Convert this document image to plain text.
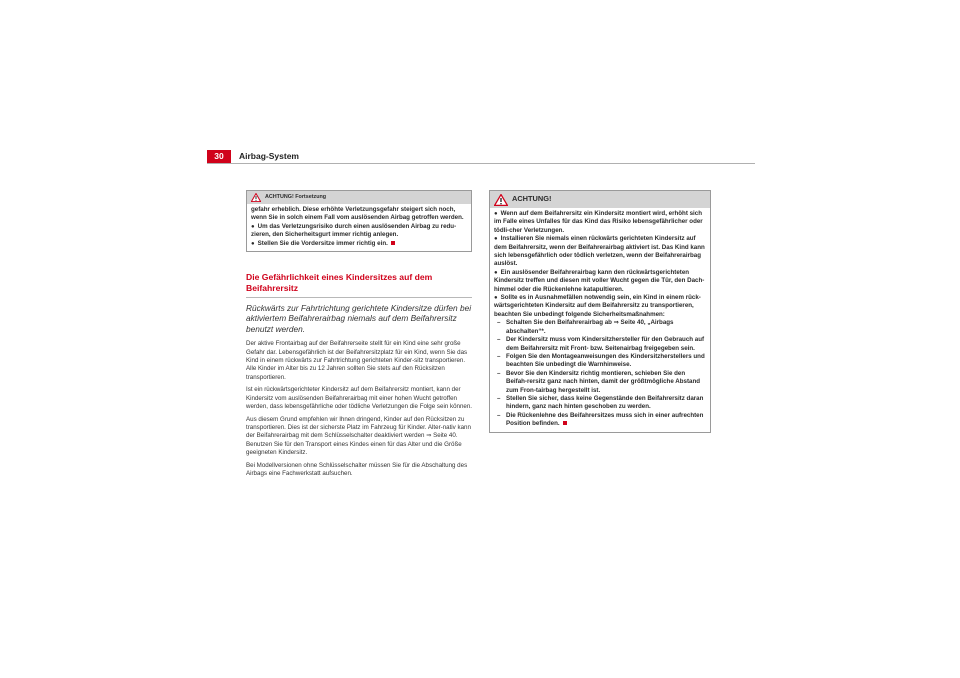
30	Airbag-System
ACHTUNG! Fortsetzung

gefahr erheblich. Diese erhöhte Verletzungsgefahr steigert sich noch, wenn Sie in solch einem Fall vom auslösenden Airbag getroffen werden.

● Um das Verletzungsrisiko durch einen auslösenden Airbag zu redu-zieren, den Sicherheitsgurt immer richtig anlegen.

● Stellen Sie die Vordersitze immer richtig ein.

Die Gefährlichkeit eines Kindersitzes auf dem Beifahrersitz
Rückwärts zur Fahrtrichtung gerichtete Kindersitze dürfen bei aktiviertem Beifahrerairbag niemals auf dem Beifahrersitz benutzt werden.

Der aktive Frontairbag auf der Beifahrerseite stellt für ein Kind eine sehr große Gefahr dar. Lebensgefährlich ist der Beifahrersitzplatz für ein Kind, wenn Sie das Kind in einem rückwärts zur Fahrtrichtung gerichteten Kinder-sitz transportieren. Alle Kinder im Alter bis zu 12 Jahren sollten Sie stets auf den Rücksitzen transportieren.

Ist ein rückwärtsgerichteter Kindersitz auf dem Beifahrersitz montiert, kann der Kindersitz vom auslösenden Beifahrerairbag mit einer hohen Wucht getroffen werden, dass lebensgefährliche oder tödliche Verletzungen die Folge sein können.

Aus diesem Grund empfehlen wir Ihnen dringend, Kinder auf den Rücksitzen zu transportieren. Dies ist der sicherste Platz im Fahrzeug für Kinder. Alter-nativ kann der Beifahrerairbag mit dem Schlüsselschalter deaktiviert werden ⇒ Seite 40. Benutzen Sie für den Transport eines Kindes einen für das Alter und die Größe geeigneten Kindersitz.

Bei Modellversionen ohne Schlüsselschalter müssen Sie für die Abschaltung des Airbags eine Fachwerkstatt aufsuchen.

ACHTUNG!

● Wenn auf dem Beifahrersitz ein Kindersitz montiert wird, erhöht sich im Falle eines Unfalles für das Kind das Risiko lebensgefährlicher oder tödli-cher Verletzungen.

● Installieren Sie niemals einen rückwärts gerichteten Kindersitz auf dem Beifahrersitz, wenn der Beifahrerairbag aktiviert ist. Das Kind kann sich lebensgefährlich oder tödlich verletzen, wenn der Beifahrerairbag auslöst.

● Ein auslösender Beifahrerairbag kann den rückwärtsgerichteten Kindersitz treffen und diesen mit voller Wucht gegen die Tür, den Dach-himmel oder die Rückenlehne katapultieren.

● Sollte es in Ausnahmefällen notwendig sein, ein Kind in einem rück-wärtsgerichteten Kindersitz auf dem Beifahrersitz zu transportieren, beachten Sie unbedingt folgende Sicherheitsmaßnahmen:

– Schalten Sie den Beifahrerairbag ab ⇒ Seite 40, „Airbags abschalten“*.

– Der Kindersitz muss vom Kindersitzhersteller für den Gebrauch auf dem Beifahrersitz mit Front- bzw. Seitenairbag freigegeben sein.

– Folgen Sie den Montageanweisungen des Kindersitzherstellers und beachten Sie unbedingt die Warnhinweise.

– Bevor Sie den Kindersitz richtig montieren, schieben Sie den Beifah-rersitz ganz nach hinten, damit der größtmögliche Abstand zum Fron-tairbag hergestellt ist.

– Stellen Sie sicher, dass keine Gegenstände den Beifahrersitz daran hindern, ganz nach hinten geschoben zu werden.

– Die Rückenlehne des Beifahrersitzes muss sich in einer aufrechten Position befinden.
